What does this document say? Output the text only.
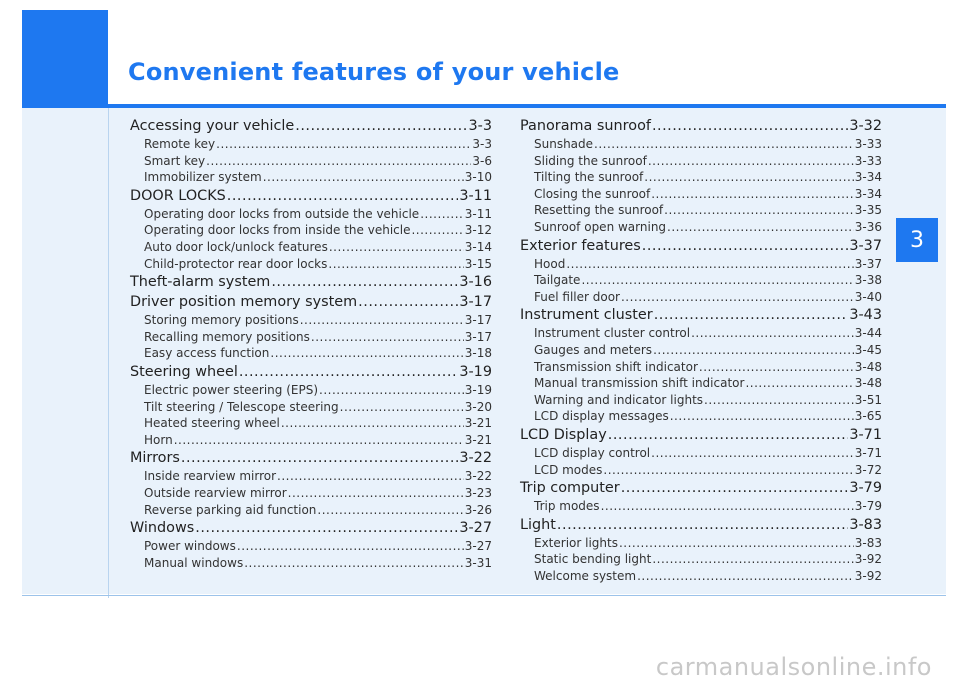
Convenient features of your vehicle
3
carmanualsonline.info
Accessing your vehicle .....	3-3
Remote key .....	3-3
Smart key .....	3-6
Immobilizer system .....	3-10
DOOR LOCKS .....	3-11
Operating door locks from outside the vehicle .....	3-11
Operating door locks from inside the vehicle .....	3-12
Auto door lock/unlock features .....	3-14
Child-protector rear door locks .....	3-15
Theft-alarm system .....	3-16
Driver position memory system .....	3-17
Storing memory positions .....	3-17
Recalling memory positions .....	3-17
Easy access function .....	3-18
Steering wheel .....	3-19
Electric power steering (EPS) .....	3-19
Tilt steering / Telescope steering .....	3-20
Heated steering wheel .....	3-21
Horn .....	3-21
Mirrors .....	3-22
Inside rearview mirror .....	3-22
Outside rearview mirror .....	3-23
Reverse parking aid function .....	3-26
Windows .....	3-27
Power windows .....	3-27
Manual windows .....	3-31
Panorama sunroof .....	3-32
Sunshade .....	3-33
Sliding the sunroof .....	3-33
Tilting the sunroof .....	3-34
Closing the sunroof .....	3-34
Resetting the sunroof .....	3-35
Sunroof open warning .....	3-36
Exterior features .....	3-37
Hood .....	3-37
Tailgate .....	3-38
Fuel filler door .....	3-40
Instrument cluster .....	3-43
Instrument cluster control .....	3-44
Gauges and meters .....	3-45
Transmission shift indicator .....	3-48
Manual transmission shift indicator .....	3-48
Warning and indicator lights .....	3-51
LCD display messages .....	3-65
LCD Display .....	3-71
LCD display control .....	3-71
LCD modes .....	3-72
Trip computer .....	3-79
Trip modes .....	3-79
Light .....	3-83
Exterior lights .....	3-83
Static bending light .....	3-92
Welcome system .....	3-92
